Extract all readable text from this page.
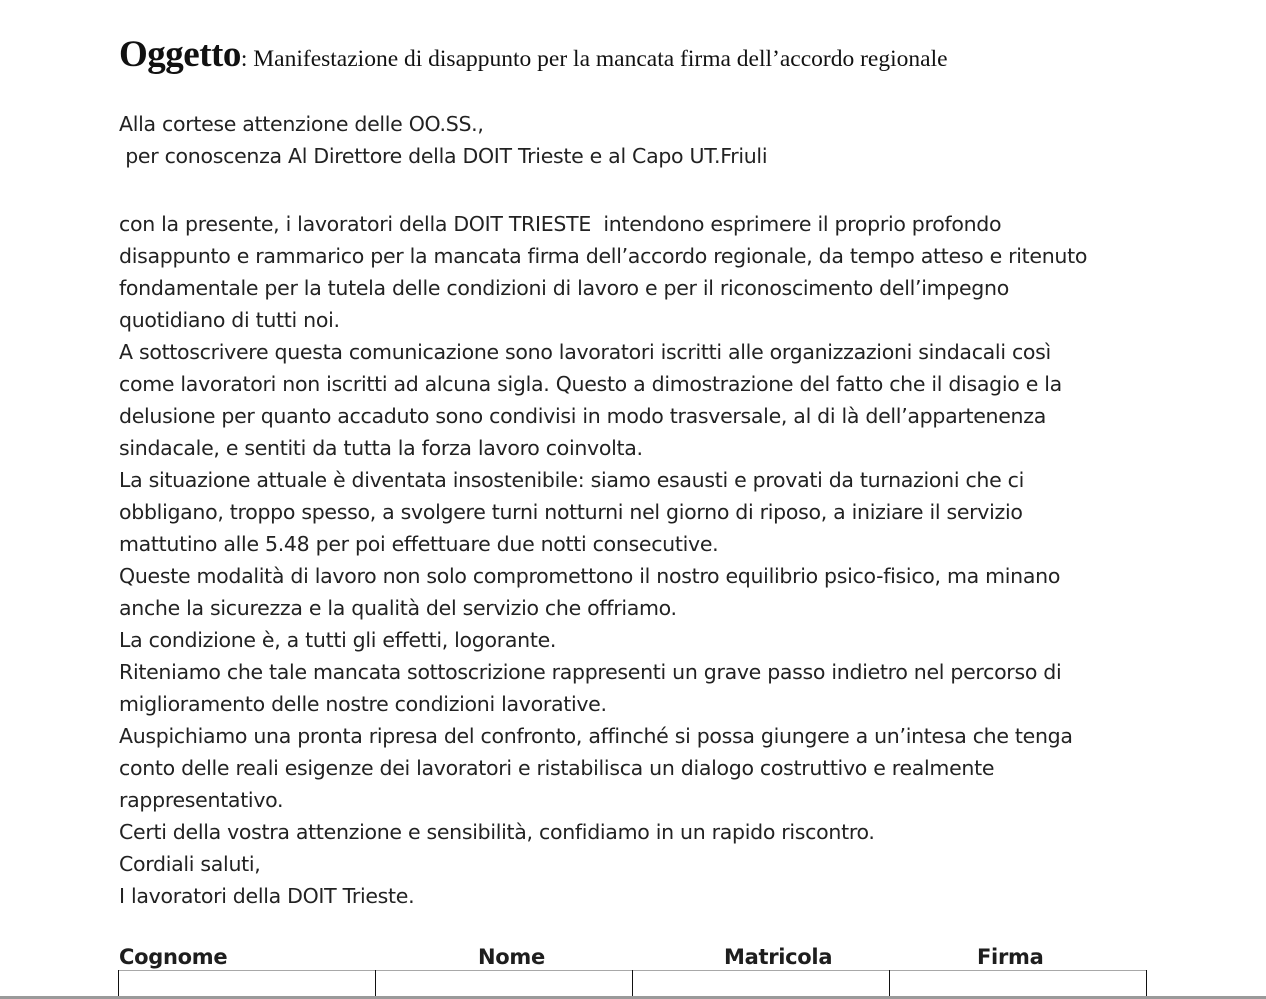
Oggetto: Manifestazione di disappunto per la mancata firma dell’accordo regionale
Alla cortese attenzione delle OO.SS.,
per conoscenza Al Direttore della DOIT Trieste e al Capo UT.Friuli
con la presente, i lavoratori della DOIT TRIESTE  intendono esprimere il proprio profondo
disappunto e rammarico per la mancata firma dell’accordo regionale, da tempo atteso e ritenuto
fondamentale per la tutela delle condizioni di lavoro e per il riconoscimento dell’impegno
quotidiano di tutti noi.
A sottoscrivere questa comunicazione sono lavoratori iscritti alle organizzazioni sindacali così
come lavoratori non iscritti ad alcuna sigla. Questo a dimostrazione del fatto che il disagio e la
delusione per quanto accaduto sono condivisi in modo trasversale, al di là dell’appartenenza
sindacale, e sentiti da tutta la forza lavoro coinvolta.
La situazione attuale è diventata insostenibile: siamo esausti e provati da turnazioni che ci
obbligano, troppo spesso, a svolgere turni notturni nel giorno di riposo, a iniziare il servizio
mattutino alle 5.48 per poi effettuare due notti consecutive.
Queste modalità di lavoro non solo compromettono il nostro equilibrio psico-fisico, ma minano
anche la sicurezza e la qualità del servizio che offriamo.
La condizione è, a tutti gli effetti, logorante.
Riteniamo che tale mancata sottoscrizione rappresenti un grave passo indietro nel percorso di
miglioramento delle nostre condizioni lavorative.
Auspichiamo una pronta ripresa del confronto, affinché si possa giungere a un’intesa che tenga
conto delle reali esigenze dei lavoratori e ristabilisca un dialogo costruttivo e realmente
rappresentativo.
Certi della vostra attenzione e sensibilità, confidiamo in un rapido riscontro.
Cordiali saluti,
I lavoratori della DOIT Trieste.
Cognome	Nome	Matricola	Firma
